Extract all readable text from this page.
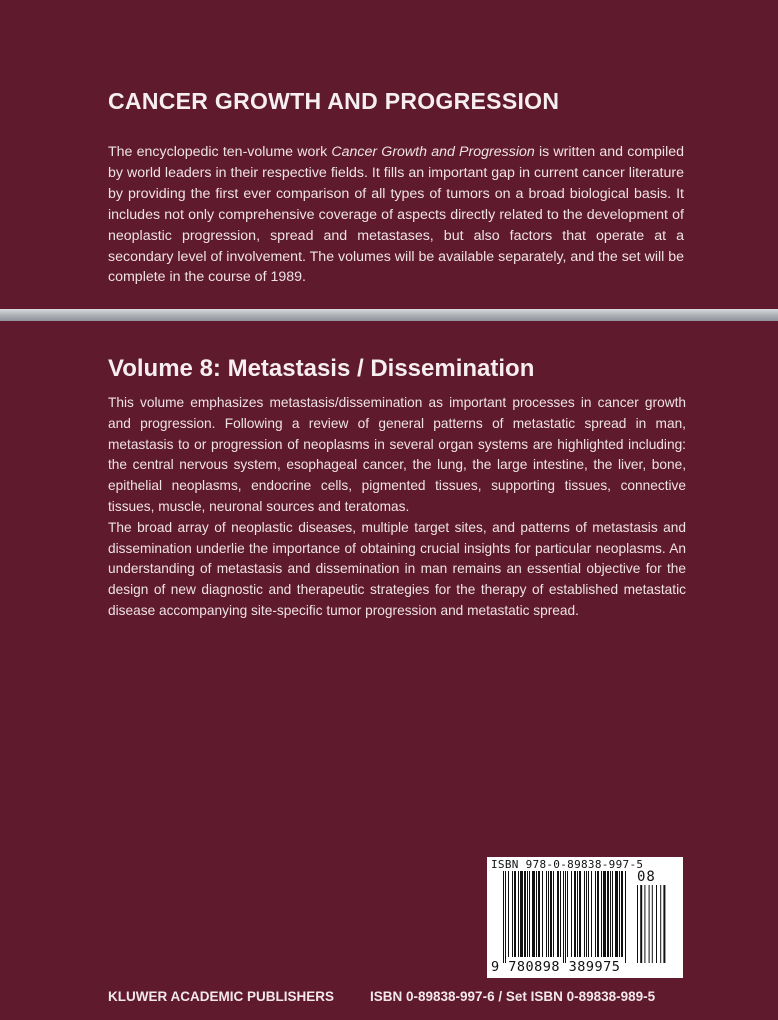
CANCER GROWTH AND PROGRESSION
The encyclopedic ten-volume work Cancer Growth and Progression is written and compiled by world leaders in their respective fields. It fills an important gap in current cancer literature by providing the first ever comparison of all types of tumors on a broad biological basis. It includes not only comprehensive coverage of aspects directly related to the development of neoplastic progression, spread and metastases, but also factors that operate at a secondary level of involvement. The volumes will be available separately, and the set will be complete in the course of 1989.
Volume 8: Metastasis / Dissemination

This volume emphasizes metastasis/dissemination as important processes in cancer growth and progression. Following a review of general patterns of metastatic spread in man, metastasis to or progression of neoplasms in several organ systems are highlighted including: the central nervous system, esophageal cancer, the lung, the large intestine, the liver, bone, epithelial neoplasms, endocrine cells, pigmented tissues, supporting tissues, connective tissues, muscle, neuronal sources and teratomas.

The broad array of neoplastic diseases, multiple target sites, and patterns of metastasis and dissemination underlie the importance of obtaining crucial insights for particular neoplasms. An understanding of metastasis and dissemination in man remains an essential objective for the design of new diagnostic and therapeutic strategies for the therapy of established metastatic disease accompanying site-specific tumor progression and metastatic spread.

ISBN 978-0-89838-997-5
08
9 780898 389975
KLUWER ACADEMIC PUBLISHERS	ISBN 0-89838-997-6 / Set ISBN 0-89838-989-5
